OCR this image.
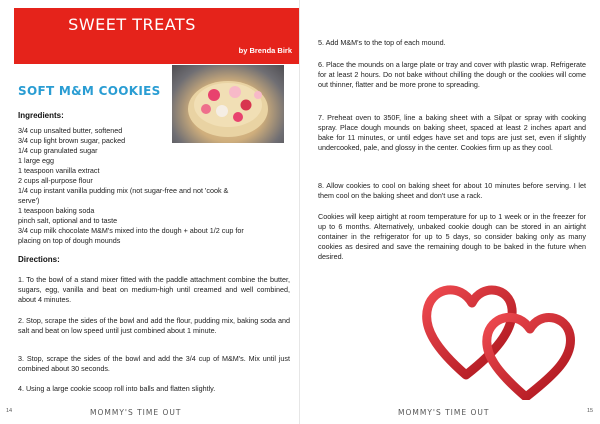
SWEET TREATS
by Brenda Birk
SOFT M&M COOKIES
Ingredients:
3/4 cup unsalted butter, softened
3/4 cup light brown sugar, packed
1/4 cup granulated sugar
1 large egg
1 teaspoon vanilla extract
2 cups all-purpose flour
1/4 cup instant vanilla pudding mix (not sugar-free and not 'cook &
serve')
1 teaspoon baking soda
pinch salt, optional and to taste
3/4 cup milk chocolate M&M's mixed into the dough + about 1/2 cup for
placing on top of dough mounds
Directions:
1. To the bowl of a stand mixer fitted with the paddle attachment combine the butter, sugars, egg, vanilla and beat on medium-high until creamed and well combined, about 4 minutes.
2. Stop, scrape the sides of the bowl and add the flour, pudding mix, baking soda and salt and beat on low speed until just combined about 1 minute.
3. Stop, scrape the sides of the bowl and add the 3/4 cup of M&M's. Mix until just combined about 30 seconds.
4. Using a large cookie scoop roll into balls and flatten slightly.
14	MOMMY'S TIME OUT	MOMMY'S TIME OUT	15
5. Add M&M's to the top of each mound.
6. Place the mounds on a large plate or tray and cover with plastic wrap. Refrigerate for at least 2 hours. Do not bake without chilling the dough or the cookies will come out thinner, flatter and be more prone to spreading.
7. Preheat oven to 350F, line a baking sheet with a Silpat or spray with cooking spray. Place dough mounds on baking sheet, spaced at least 2 inches apart and bake for 11 minutes, or until edges have set and tops are just set, even if slightly undercooked, pale, and glossy in the center. Cookies firm up as they cool.
8. Allow cookies to cool on baking sheet for about 10 minutes before serving. I let them cool on the baking sheet and don't use a rack.
Cookies will keep airtight at room temperature for up to 1 week or in the freezer for up to 6 months. Alternatively, unbaked cookie dough can be stored in an airtight container in the refrigerator for up to 5 days, so consider baking only as many cookies as desired and save the remaining dough to be baked in the future when desired.
